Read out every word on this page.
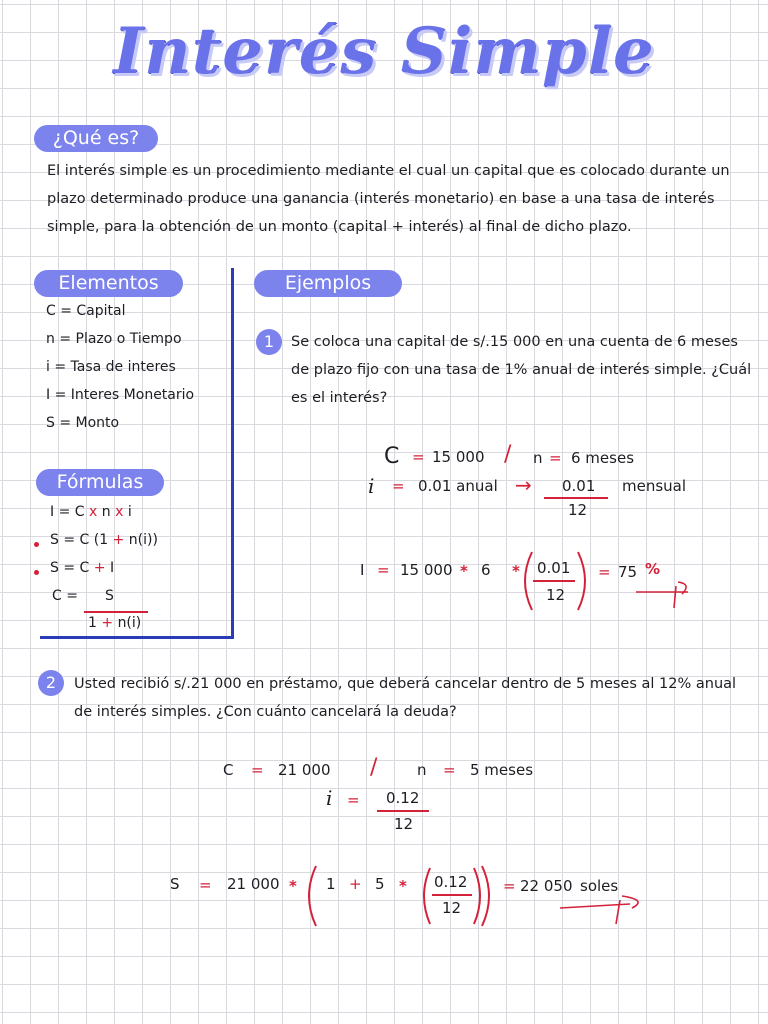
Interés Simple
¿Qué es?
El interés simple es un procedimiento mediante el cual un capital que es colocado durante un
plazo determinado produce una ganancia (interés monetario) en base a una tasa de interés
simple, para la obtención de un monto (capital + interés) al final de dicho plazo.
Elementos
C = Capital
n = Plazo o Tiempo
i = Tasa de interes
I = Interes Monetario
S = Monto
Fórmulas
I = C x n x i
S = C (1 + n(i))
S = C + I
C = S
1 + n(i)
Ejemplos
1	Se coloca una capital de s/.15 000 en una cuenta de 6 meses
de plazo fijo con una tasa de 1% anual de interés simple. ¿Cuál
es el interés?
C = 15 000 / n = 6 meses
i = 0.01 anual → 0.01
12
mensual
I = 15 000 * 6 * 0.01
12
= 75 %
2	Usted recibió s/.21 000 en préstamo, que deberá cancelar dentro de 5 meses al 12% anual
de interés simples. ¿Con cuánto cancelará la deuda?
C = 21 000 /	n = 5 meses
i = 0.12
12
S = 21 000 * 1 + 5 * 0.12
12
= 22 050 soles
